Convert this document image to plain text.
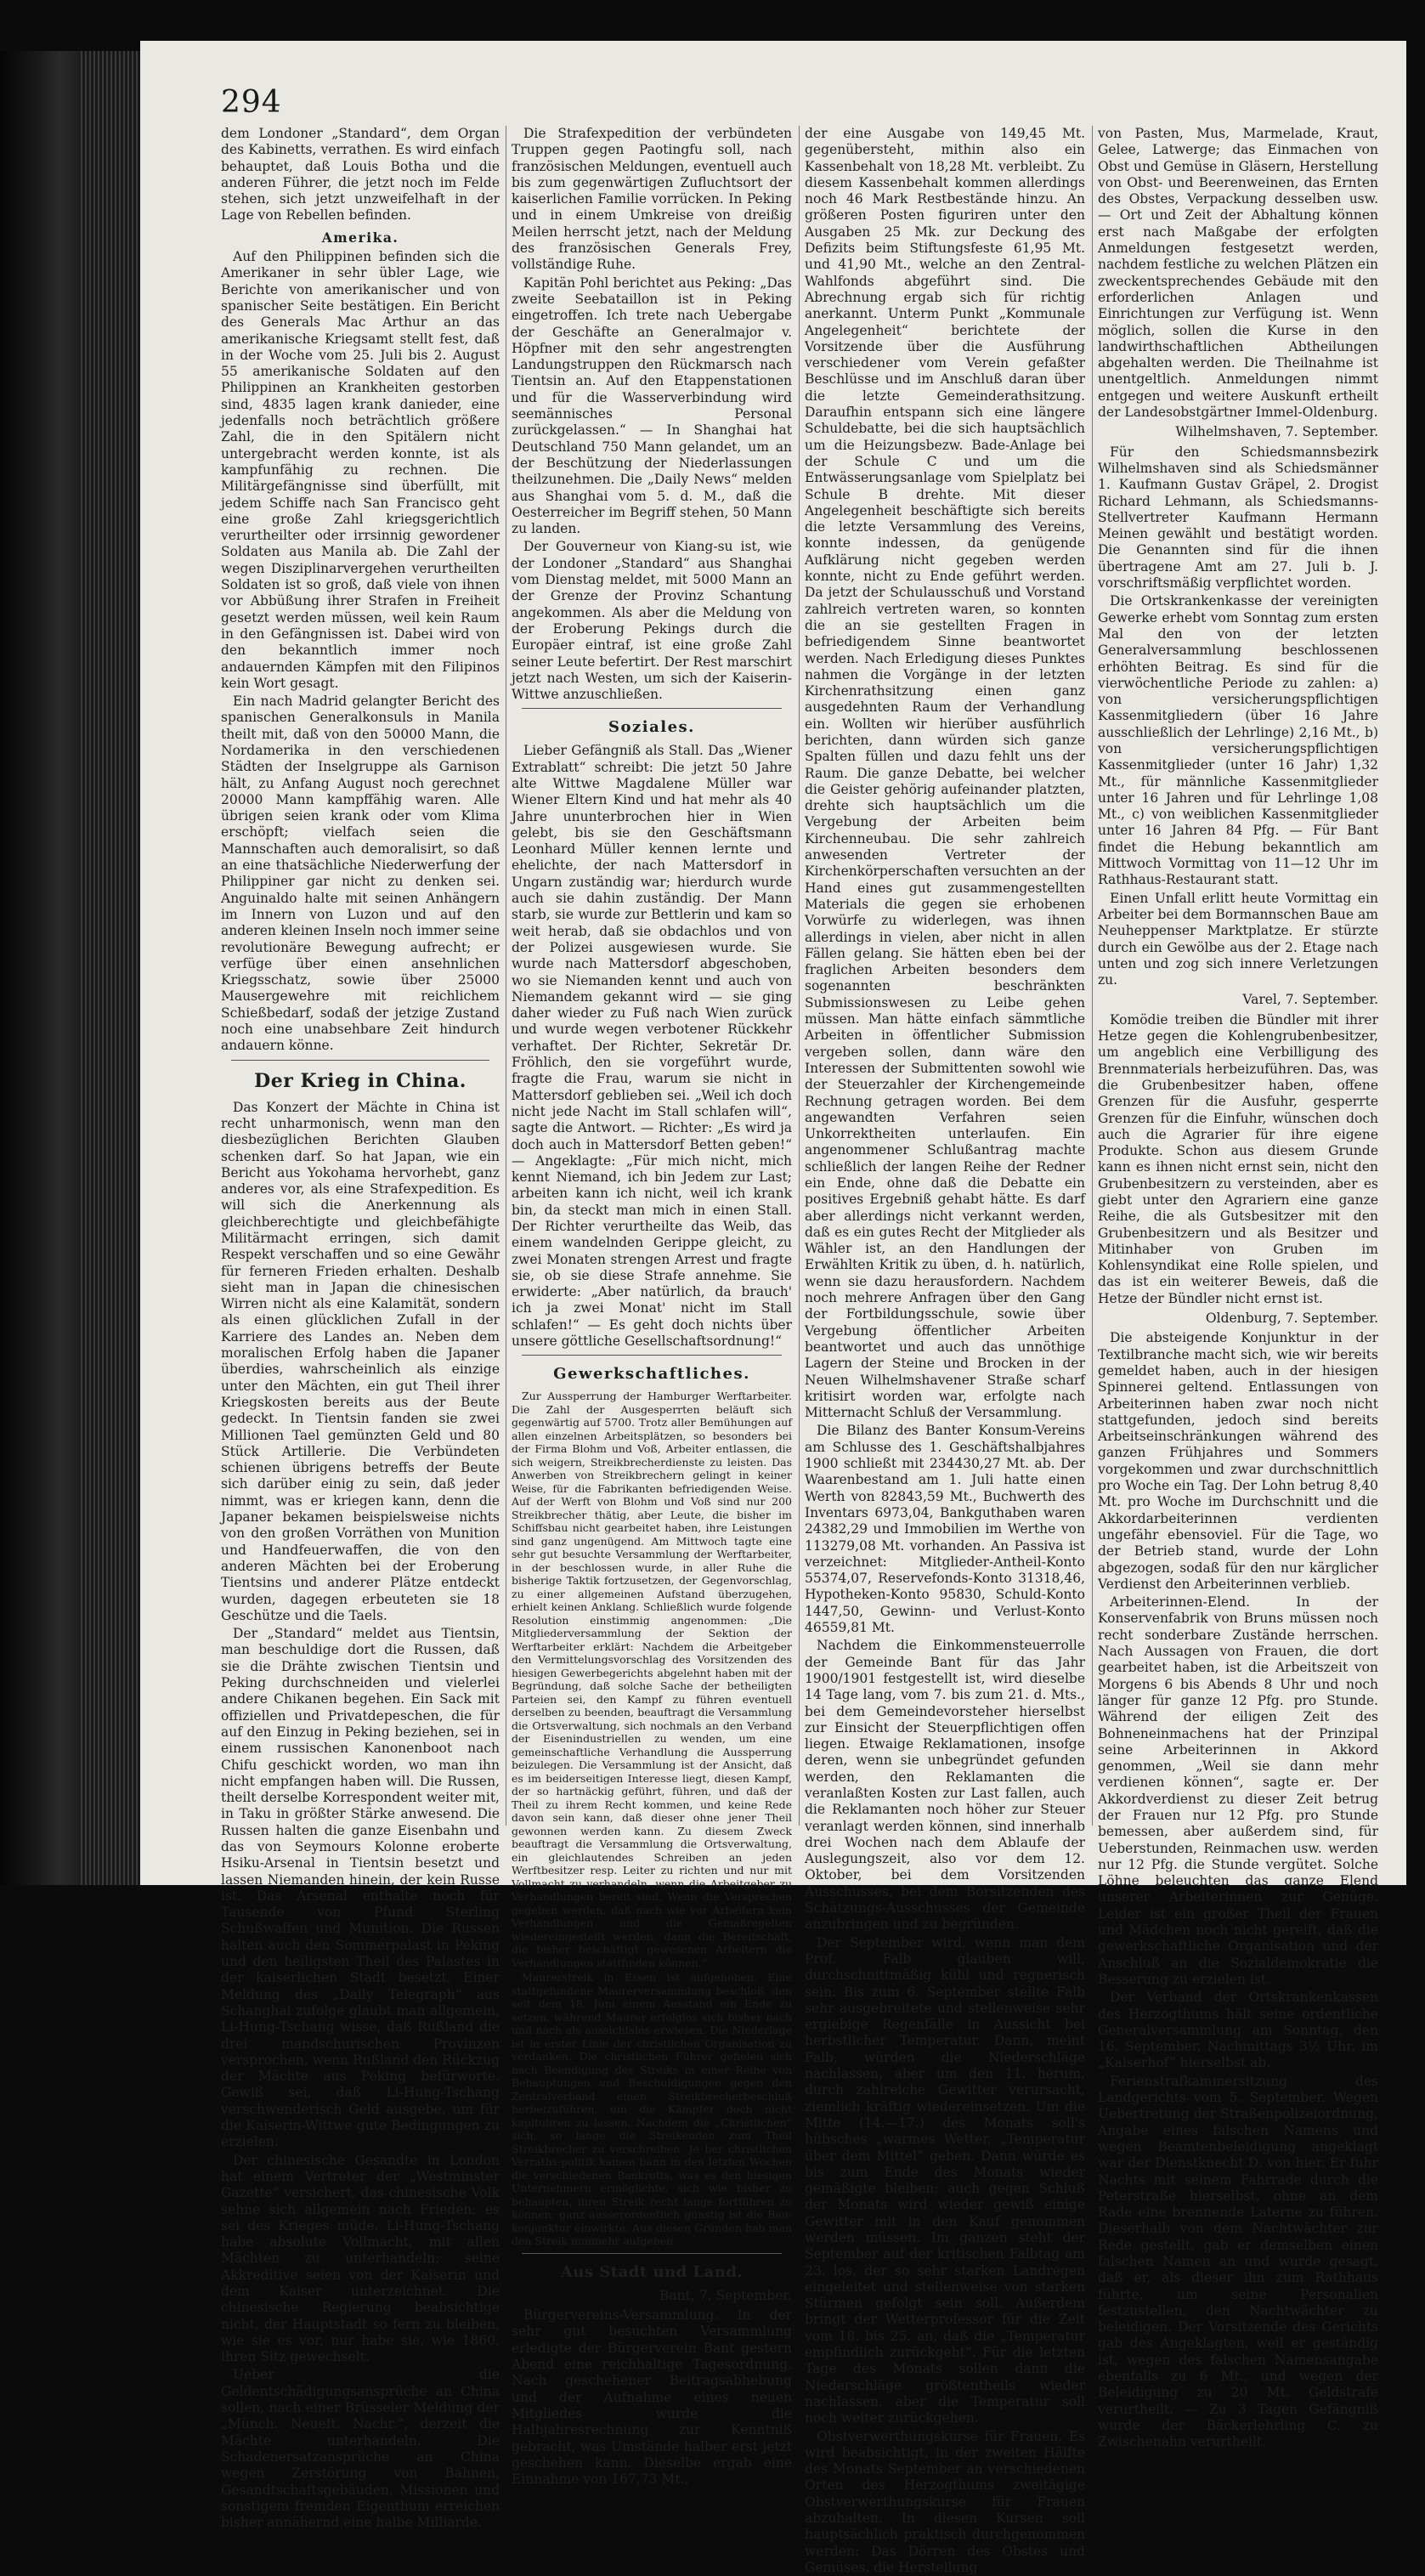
294

dem Londoner „Standard“, dem Organ des Kabinetts, verrathen. Es wird einfach behauptet, daß Louis Botha und die anderen Führer, die jetzt noch im Felde stehen, sich jetzt unzweifelhaft in der Lage von Rebellen befinden.

Amerika.

Auf den Philippinen befinden sich die Amerikaner in sehr übler Lage, wie Berichte von amerikanischer und von spanischer Seite bestätigen. Ein Bericht des Generals Mac Arthur an das amerikanische Kriegsamt stellt fest, daß in der Woche vom 25. Juli bis 2. August 55 amerikanische Soldaten auf den Philippinen an Krankheiten gestorben sind, 4835 lagen krank danieder, eine jedenfalls noch beträchtlich größere Zahl, die in den Spitälern nicht untergebracht werden konnte, ist als kampfunfähig zu rechnen. Die Militärgefängnisse sind überfüllt, mit jedem Schiffe nach San Francisco geht eine große Zahl kriegsgerichtlich verurtheilter oder irrsinnig gewordener Soldaten aus Manila ab. Die Zahl der wegen Disziplinarvergehen verurtheilten Soldaten ist so groß, daß viele von ihnen vor Abbüßung ihrer Strafen in Freiheit gesetzt werden müssen, weil kein Raum in den Gefängnissen ist. Dabei wird von den bekanntlich immer noch andauernden Kämpfen mit den Filipinos kein Wort gesagt.

Ein nach Madrid gelangter Bericht des spanischen Generalkonsuls in Manila theilt mit, daß von den 50000 Mann, die Nordamerika in den verschiedenen Städten der Inselgruppe als Garnison hält, zu Anfang August noch gerechnet 20000 Mann kampffähig waren. Alle übrigen seien krank oder vom Klima erschöpft; vielfach seien die Mannschaften auch demoralisirt, so daß an eine thatsächliche Niederwerfung der Philippiner gar nicht zu denken sei. Anguinaldo halte mit seinen Anhängern im Innern von Luzon und auf den anderen kleinen Inseln noch immer seine revolutionäre Bewegung aufrecht; er verfüge über einen ansehnlichen Kriegsschatz, sowie über 25000 Mausergewehre mit reichlichem Schießbedarf, sodaß der jetzige Zustand noch eine unabsehbare Zeit hindurch andauern könne.

Der Krieg in China.

Das Konzert der Mächte in China ist recht unharmonisch, wenn man den diesbezüglichen Berichten Glauben schenken darf. So hat Japan, wie ein Bericht aus Yokohama hervorhebt, ganz anderes vor, als eine Strafexpedition. Es will sich die Anerkennung als gleichberechtigte und gleichbefähigte Militärmacht erringen, sich damit Respekt verschaffen und so eine Gewähr für ferneren Frieden erhalten. Deshalb sieht man in Japan die chinesischen Wirren nicht als eine Kalamität, sondern als einen glücklichen Zufall in der Karriere des Landes an. Neben dem moralischen Erfolg haben die Japaner überdies, wahrscheinlich als einzige unter den Mächten, ein gut Theil ihrer Kriegskosten bereits aus der Beute gedeckt. In Tientsin fanden sie zwei Millionen Tael gemünzten Geld und 80 Stück Artillerie. Die Verbündeten schienen übrigens betreffs der Beute sich darüber einig zu sein, daß jeder nimmt, was er kriegen kann, denn die Japaner bekamen beispielsweise nichts von den großen Vorräthen von Munition und Handfeuerwaffen, die von den anderen Mächten bei der Eroberung Tientsins und anderer Plätze entdeckt wurden, dagegen erbeuteten sie 18 Geschütze und die Taels.

Der „Standard“ meldet aus Tientsin, man beschuldige dort die Russen, daß sie die Drähte zwischen Tientsin und Peking durchschneiden und vielerlei andere Chikanen begehen. Ein Sack mit offiziellen und Privatdepeschen, die für auf den Einzug in Peking beziehen, sei in einem russischen Kanonenboot nach Chifu geschickt worden, wo man ihn nicht empfangen haben will. Die Russen, theilt derselbe Korrespondent weiter mit, in Taku in größter Stärke anwesend. Die Russen halten die ganze Eisenbahn und das von Seymours Kolonne eroberte Hsiku-Arsenal in Tientsin besetzt und lassen Niemanden hinein, der kein Russe ist. Das Arsenal enthalte noch für Tausende von Pfund Sterling Schußwaffen und Munition. Die Russen halten auch den Sommerpalast in Peking und den heiligsten Theil des Palastes in der kaiserlichen Stadt besetzt. Einer Meldung des „Daily Telegraph“ aus Schanghai zufolge glaubt man allgemein, Li-Hung-Tschang wisse, daß Rußland die drei mandschurischen Provinzen versprochen, wenn Rußland den Rückzug der Mächte aus Peking befürworte. Gewiß sei, daß Li-Hung-Tschang verschwenderisch Geld ausgebe, um für die Kaiserin-Wittwe gute Bedingungen zu erzielen.

Der chinesische Gesandte in London hat einem Vertreter der „Westminster Gazette“ versichert, das chinesische Volk sehne sich allgemein nach Frieden; es sei des Krieges müde. Li-Hung-Tschang habe absolute Vollmacht, mit allen Mächten zu unterhandeln; seine Akkreditive seien von der Kaiserin und dem Kaiser unterzeichnet. Die chinesische Regierung beabsichtige nicht, der Hauptstadt so fern zu bleiben, wie sie es vor, nur habe sie, wie 1860, ihren Sitz gewechselt.

Ueber die Geldentschädigungsansprüche an China sollen, nach einer Brüsseler Meldung der „Münch. Neueft. Nachr.“, derzeit die Mächte unterhandeln. Die Schadenersatzansprüche an China wegen Zerstörung von Bahnen, Gesandtschaftsgebäuden, Missionen und sonstigem fremden Eigenthum erreichen bisher annähernd eine halbe Milliarde.

Die Strafexpedition der verbündeten Truppen gegen Paotingfu soll, nach französischen Meldungen, eventuell auch bis zum gegenwärtigen Zufluchtsort der kaiserlichen Familie vorrücken. In Peking und in einem Umkreise von dreißig Meilen herrscht jetzt, nach der Meldung des französischen Generals Frey, vollständige Ruhe.

Kapitän Pohl berichtet aus Peking: „Das zweite Seebataillon ist in Peking eingetroffen. Ich trete nach Uebergabe der Geschäfte an Generalmajor v. Höpfner mit den sehr angestrengten Landungstruppen den Rückmarsch nach Tientsin an. Auf den Etappenstationen und für die Wasserverbindung wird seemännisches Personal zurückgelassen.“ — In Shanghai hat Deutschland 750 Mann gelandet, um an der Beschützung der Niederlassungen theilzunehmen. Die „Daily News“ melden aus Shanghai vom 5. d. M., daß die Oesterreicher im Begriff stehen, 50 Mann zu landen.

Der Gouverneur von Kiang-su ist, wie der Londoner „Standard“ aus Shanghai vom Dienstag meldet, mit 5000 Mann an der Grenze der Provinz Schantung angekommen. Als aber die Meldung von der Eroberung Pekings durch die Europäer eintraf, ist eine große Zahl seiner Leute befertirt. Der Rest marschirt jetzt nach Westen, um sich der Kaiserin-Wittwe anzuschließen.

Soziales.

Lieber Gefängniß als Stall. Das „Wiener Extrablatt“ schreibt: Die jetzt 50 Jahre alte Wittwe Magdalene Müller war Wiener Eltern Kind und hat mehr als 40 Jahre ununterbrochen hier in Wien gelebt, bis sie den Geschäftsmann Leonhard Müller kennen lernte und ehelichte, der nach Mattersdorf in Ungarn zuständig war; hierdurch wurde auch sie dahin zuständig. Der Mann starb, sie wurde zur Bettlerin und kam so weit herab, daß sie obdachlos und von der Polizei ausgewiesen wurde. Sie wurde nach Mattersdorf abgeschoben, wo sie Niemanden kennt und auch von Niemandem gekannt wird — sie ging daher wieder zu Fuß nach Wien zurück und wurde wegen verbotener Rückkehr verhaftet. Der Richter, Sekretär Dr. Fröhlich, den sie vorgeführt wurde, fragte die Frau, warum sie nicht in Mattersdorf geblieben sei. „Weil ich doch nicht jede Nacht im Stall schlafen will“, sagte die Antwort. — Richter: „Es wird ja doch auch in Mattersdorf Betten geben!“ — Angeklagte: „Für mich nicht, mich kennt Niemand, ich bin Jedem zur Last; arbeiten kann ich nicht, weil ich krank bin, da steckt man mich in einen Stall. Der Richter verurtheilte das Weib, das einem wandelnden Gerippe gleicht, zu zwei Monaten strengen Arrest und fragte sie, ob sie diese Strafe annehme. Sie erwiderte: „Aber natürlich, da brauch' ich ja zwei Monat' nicht im Stall schlafen!“ — Es geht doch nichts über unsere göttliche Gesellschaftsordnung!“

Gewerkschaftliches.

Zur Aussperrung der Hamburger Werftarbeiter. Die Zahl der Ausgesperrten beläuft sich gegenwärtig auf 5700. Trotz aller Bemühungen auf allen einzelnen Arbeitsplätzen, so besonders bei der Firma Blohm und Voß, Arbeiter entlassen, die sich weigern, Streikbrecherdienste zu leisten. Das Anwerben von Streikbrechern gelingt in keiner Weise, für die Fabrikanten befriedigenden Weise. Auf der Werft von Blohm und Voß sind nur 200 Streikbrecher thätig, aber Leute, die bisher im Schiffsbau nicht gearbeitet haben, ihre Leistungen sind ganz ungenügend. Am Mittwoch tagte eine sehr gut besuchte Versammlung der Werftarbeiter, in der beschlossen wurde, in aller Ruhe die bisherige Taktik fortzusetzen, der Gegenvorschlag, zu einer allgemeinen Aufstand überzugehen, erhielt keinen Anklang. Schließlich wurde folgende Resolution einstimmig angenommen: „Die Mitgliederversammlung der Sektion der Werftarbeiter erklärt: Nachdem die Arbeitgeber den Vermittelungsvorschlag des Vorsitzenden des hiesigen Gewerbegerichts abgelehnt haben mit der Begründung, daß solche Sache der betheiligten Parteien sei, den Kampf zu führen eventuell derselben zu beenden, beauftragt die Versammlung die Ortsverwaltung, sich nochmals an den Verband der Eisenindustriellen zu wenden, um eine gemeinschaftliche Verhandlung die Aussperrung beizulegen. Die Versammlung ist der Ansicht, daß es im beiderseitigen Interesse liegt, diesen Kampf, der so hartnäckig geführt, führen, und daß der Theil zu ihrem Recht kommen, und keine Rede davon sein kann, daß dieser ohne jener Theil gewonnen werden kann. Zu diesem Zweck beauftragt die Versammlung die Ortsverwaltung, ein gleichlautendes Schreiben an jeden Werftbesitzer resp. Leiter zu richten und nur mit Vollmacht zu verhandeln, wenn die Arbeitgeber zu Verhandlungen bereit sind. Wenn die Versprechen gegeben werden, daß nach wie vor Arbeitern kein Verhandlungen und die Gemaßregelten wiedereingestellt werden, dann die Bereitschaft, die bisher beschäftigt gewesenen Arbeitern die Verhandlungen stattfinden können.“

Maurerstreik in Essen ist aufgehoben. Eine stattgefundene Maurerversammlung beschloß, den seit dem 18. Juni einem Ausstand ein Ende zu setzen, während Maurer erfolglos sich bisher nach und nach als aussichtslos erwiesen. Die Niederlage ist in erster Linie der christlichen Organisation zu verdanken. Die christlichen Führer gefielen sich nach Beendigung des Streiks in einer Reihe von Behauptungen und Beschuldigungen gegen den Zentralverband einen Streikbrecherbeschluß herbeizuführen, um die Kämpfer doch nicht kapituliren zu lassen. Nachdem die „Christlichen“ sich, so lange die Streikenden zum Theil Streikbrecher zu verschreiben. Je ber christlichen Verraths-politik kamen bann in den letzten Wochen die verschiedenen Bankrotts, was es den hiesigen Unternehmern ermöglichte, sich wie bisher zu behaupten, ihren Streik recht lange fortführen zu können; ganz ausserordentlich günstig ist die Bau-konjunktur einwirkte. Aus diesen Gründen hab man den Streik nunmehr aufgeben.

Aus Stadt und Land.
Bant, 7. September.

Bürgervereins-Versammlung. In der sehr gut besuchten Versammlung erledigte der Bürgerverein Bant gestern Abend eine reichhaltige Tagesordnung. Nach geschehener Beitragsabhebung und der Aufnahme eines neuen Mitgliedes wurde die Halbjahresrechnung zur Kenntniß gebracht, was Umstände halber erst jetzt geschehen kann. Dieselbe ergab eine Einnahme von 167,73 Mt.,

der eine Ausgabe von 149,45 Mt. gegenübersteht, mithin also ein Kassenbehalt von 18,28 Mt. verbleibt. Zu diesem Kassenbehalt kommen allerdings noch 46 Mark Restbestände hinzu. An größeren Posten figuriren unter den Ausgaben 25 Mk. zur Deckung des Defizits beim Stiftungsfeste 61,95 Mt. und 41,90 Mt., welche an den Zentral-Wahlfonds abgeführt sind. Die Abrechnung ergab sich für richtig anerkannt. Unterm Punkt „Kommunale Angelegenheit“ berichtete der Vorsitzende über die Ausführung verschiedener vom Verein gefaßter Beschlüsse und im Anschluß daran über die letzte Gemeinderathsitzung. Daraufhin entspann sich eine längere Schuldebatte, bei die sich hauptsächlich um die Heizungsbezw. Bade-Anlage bei der Schule C und um die Entwässerungsanlage vom Spielplatz bei Schule B drehte. Mit dieser Angelegenheit beschäftigte sich bereits die letzte Versammlung des Vereins, konnte indessen, da genügende Aufklärung nicht gegeben werden konnte, nicht zu Ende geführt werden. Da jetzt der Schulausschuß und Vorstand zahlreich vertreten waren, so konnten die an sie gestellten Fragen in befriedigendem Sinne beantwortet werden. Nach Erledigung dieses Punktes nahmen die Vorgänge in der letzten Kirchenrathsitzung einen ganz ausgedehnten Raum der Verhandlung ein. Wollten wir hierüber ausführlich berichten, dann würden sich ganze Spalten füllen und dazu fehlt uns der Raum. Die ganze Debatte, bei welcher die Geister gehörig aufeinander platzten, drehte sich hauptsächlich um die Vergebung der Arbeiten beim Kirchenneubau. Die sehr zahlreich anwesenden Vertreter der Kirchenkörperschaften versuchten an der Hand eines gut zusammengestellten Materials die gegen sie erhobenen Vorwürfe zu widerlegen, was ihnen allerdings in vielen, aber nicht in allen Fällen gelang. Sie hätten eben bei der fraglichen Arbeiten besonders dem sogenannten beschränkten Submissionswesen zu Leibe gehen müssen. Man hätte einfach sämmtliche Arbeiten in öffentlicher Submission vergeben sollen, dann wäre den Interessen der Submittenten sowohl wie der Steuerzahler der Kirchengemeinde Rechnung getragen worden. Bei dem angewandten Verfahren seien Unkorrektheiten unterlaufen. Ein angenommener Schlußantrag machte schließlich der langen Reihe der Redner ein Ende, ohne daß die Debatte ein positives Ergebniß gehabt hätte. Es darf aber allerdings nicht verkannt werden, daß es ein gutes Recht der Mitglieder als Wähler ist, an den Handlungen der Erwählten Kritik zu üben, d. h. natürlich, wenn sie dazu herausfordern. Nachdem noch mehrere Anfragen über den Gang der Fortbildungsschule, sowie über Vergebung öffentlicher Arbeiten beantwortet und auch das unnöthige Lagern der Steine und Brocken in der Neuen Wilhelmshavener Straße scharf kritisirt worden war, erfolgte nach Mitternacht Schluß der Versammlung.

Die Bilanz des Banter Konsum-Vereins am Schlusse des 1. Geschäftshalbjahres 1900 schließt mit 234430,27 Mt. ab. Der Waarenbestand am 1. Juli hatte einen Werth von 82843,59 Mt., Buchwerth des Inventars 6973,04, Bankguthaben waren 24382,29 und Immobilien im Werthe von 113279,08 Mt. vorhanden. An Passiva ist verzeichnet: Mitglieder-Antheil-Konto 55374,07, Reservefonds-Konto 31318,46, Hypotheken-Konto 95830, Schuld-Konto 1447,50, Gewinn- und Verlust-Konto 46559,81 Mt.

Nachdem die Einkommensteuerrolle der Gemeinde Bant für das Jahr 1900/1901 festgestellt ist, wird dieselbe 14 Tage lang, vom 7. bis zum 21. d. Mts., bei dem Gemeindevorsteher hierselbst zur Einsicht der Steuerpflichtigen offen liegen. Etwaige Reklamationen, insofge deren, wenn sie unbegründet gefunden werden, den Reklamanten die veranlaßten Kosten zur Last fallen, auch die Reklamanten noch höher zur Steuer veranlagt werden können, sind innerhalb drei Wochen nach dem Ablaufe der Auslegungszeit, also vor dem 12. Oktober, bei dem Vorsitzenden Ausschusses, bei dem Borsitzenden des Schätzungs-Ausschusses der Gemeinde anzubringen und zu begründen.

Der September wird, wenn man dem Prof. Falb glauben will, durchschnittmäßig kühl und regnerisch sein. Bis zum 6. September stellte Falb sehr ausgebreitete und stellenweise sehr ergiebige Regenfälle in Aussicht bei herbstlicher Temperatur. Dann, meint Falb, würden die Niederschläge nachlassen, aber um den 11. herum, durch zahlreiche Gewitter verursacht, ziemlich kräftig wiedereinsetzen. Um die Mitte (14.—17.) des Monats soll's hübsches „warmes Wetter, „Temperatur über dem Mittel“ geben. Dann würde es bis zum Ende des Monats wieder gemäßigte bleiben; auch gegen Schluß der Monats wird wieder gewiß einige Gewitter mit in den Kauf genommen werden müssen. Im ganzen steht der September auf der kritischen Falbtag am 23. los, der so sehr starken Landregen eingeleitet und stellenweise von starken Stürmen gefolgt sein soll. Außerdem bringt der Wetterprofessor für die Zeit vom 18. bis 25. an, daß die „Temperatur empfindlich zurückgeht“. Für die letzten Tage des Monats sollen dann die Niederschläge größtentheils wieder nachlassen, aber die Temperatur soll noch weiter zurückgehen.

Obstverwerthungskurse für Frauen. Es wird beabsichtigt, in der zweiten Hälfte des Monats September an verschiedenen Orten des Herzogthums zweitägige Obstverwerthungskurse für Frauen abzuhalten. In diesen Kursen soll hauptsächlich praktisch durchgenommen werden: Das Dörren des Obstes und Gemüses, die Herstellung

von Pasten, Mus, Marmelade, Kraut, Gelee, Latwerge; das Einmachen von Obst und Gemüse in Gläsern, Herstellung von Obst- und Beerenweinen, das Ernten des Obstes, Verpackung desselben usw. — Ort und Zeit der Abhaltung können erst nach Maßgabe der erfolgten Anmeldungen festgesetzt werden, nachdem festliche zu welchen Plätzen ein zweckentsprechendes Gebäude mit den erforderlichen Anlagen und Einrichtungen zur Verfügung ist. Wenn möglich, sollen die Kurse in den landwirthschaftlichen Abtheilungen abgehalten werden. Die Theilnahme ist unentgeltlich. Anmeldungen nimmt entgegen und weitere Auskunft ertheilt der Landesobstgärtner Immel-Oldenburg.

Wilhelmshaven, 7. September.

Für den Schiedsmannsbezirk Wilhelmshaven sind als Schiedsmänner 1. Kaufmann Gustav Gräpel, 2. Drogist Richard Lehmann, als Schiedsmanns-Stellvertreter Kaufmann Hermann Meinen gewählt und bestätigt worden. Die Genannten sind für die ihnen übertragene Amt am 27. Juli b. J. vorschriftsmäßig verpflichtet worden.

Die Ortskrankenkasse der vereinigten Gewerke erhebt vom Sonntag zum ersten Mal den von der letzten Generalversammlung beschlossenen erhöhten Beitrag. Es sind für die vierwöchentliche Periode zu zahlen: a) von versicherungspflichtigen Kassenmitgliedern (über 16 Jahre ausschließlich der Lehrlinge) 2,16 Mt., b) von versicherungspflichtigen Kassenmitglieder (unter 16 Jahr) 1,32 Mt., für männliche Kassenmitglieder unter 16 Jahren und für Lehrlinge 1,08 Mt., c) von weiblichen Kassenmitglieder unter 16 Jahren 84 Pfg. — Für Bant findet die Hebung bekanntlich am Mittwoch Vormittag von 11—12 Uhr im Rathhaus-Restaurant statt.

Einen Unfall erlitt heute Vormittag ein Arbeiter bei dem Bormannschen Baue am Neuheppenser Marktplatze. Er stürzte durch ein Gewölbe aus der 2. Etage nach unten und zog sich innere Verletzungen zu.

Varel, 7. September.

Komödie treiben die Bündler mit ihrer Hetze gegen die Kohlengrubenbesitzer, um angeblich eine Verbilligung des Brennmaterials herbeizuführen. Das, was die Grubenbesitzer haben, offene Grenzen für die Ausfuhr, gesperrte Grenzen für die Einfuhr, wünschen doch auch die Agrarier für ihre eigene Produkte. Schon aus diesem Grunde kann es ihnen nicht ernst sein, nicht den Grubenbesitzern zu versteinden, aber es giebt unter den Agrariern eine ganze Reihe, die als Gutsbesitzer mit den Grubenbesitzern und als Besitzer und Mitinhaber von Gruben im Kohlensyndikat eine Rolle spielen, und das ist ein weiterer Beweis, daß die Hetze der Bündler nicht ernst ist.

Oldenburg, 7. September.

Die absteigende Konjunktur in der Textilbranche macht sich, wie wir bereits gemeldet haben, auch in der hiesigen Spinnerei geltend. Entlassungen von Arbeiterinnen haben zwar noch nicht stattgefunden, jedoch sind bereits Arbeitseinschränkungen während des ganzen Frühjahres und Sommers vorgekommen und zwar durchschnittlich pro Woche ein Tag. Der Lohn betrug 8,40 Mt. pro Woche im Durchschnitt und die Akkordarbeiterinnen verdienten ungefähr ebensoviel. Für die Tage, wo der Betrieb stand, wurde der Lohn abgezogen, sodaß für den nur kärglicher Verdienst den Arbeiterinnen verblieb.

Arbeiterinnen-Elend. In der Konservenfabrik von Bruns müssen noch recht sonderbare Zustände herrschen. Nach Aussagen von Frauen, die dort gearbeitet haben, ist die Arbeitszeit von Morgens 6 bis Abends 8 Uhr und noch länger für ganze 12 Pfg. pro Stunde. Während der eiligen Zeit des Bohneneinmachens hat der Prinzipal seine Arbeiterinnen in Akkord genommen, „Weil sie dann mehr verdienen können“, sagte er. Der Akkordverdienst zu dieser Zeit betrug der Frauen nur 12 Pfg. pro Stunde bemessen, aber außerdem sind, für Ueberstunden, Reinmachen usw. werden nur 12 Pfg. die Stunde vergütet. Solche Löhne beleuchten das ganze Elend unserer Arbeiterinnen zur Genüge. Leider ist ein großer Theil der Frauen und Mädchen noch nicht gereift, daß die gewerkschaftliche Organisation und der Anschluß an die Sozialdemokratie die Besserung zu erzielen ist.

Der Verband der Ortskrankenkassen des Herzogthums hält seine ordentliche Generalversammlung am Sonntag, den 16. September, Nachmittags 3½ Uhr, im „Kaiserhof“ hierselbst ab.

Ferienstrafkammersitzung des Landgerichts vom 5. September. Wegen Uebertretung der Straßenpolizeiordnung, Angabe eines falschen Namens und wegen Beamtenbeleidigung angeklagt war der Dienstknecht D. von hier. Er fuhr Nachts mit seinem Fahrrade durch die Peterstraße hierselbst, ohne an dem Rade eine brennende Laterne zu führen. Dieserhalb von dem Nachtwächter zur Rede gestellt, gab er demselben einen falschen Namen an und wurde gesagt, daß er, als dieser ihn zum Rathhaus führte, um seine Personalien festzustellen, den Nachtwächter zu beleidigen. Der Vorsitzende des Gerichts gab des Angeklagten, weil er geständig ist, wegen des falschen Namensangabe ebenfalls zu 6 Mt., und wegen der Beleidigung zu 20 Mt. Geldstrafe verurtheilt. — Zu 3 Tagen Gefängniß wurde der Bäckerlehrling C. zu Zwischenahn verurtheilt.
